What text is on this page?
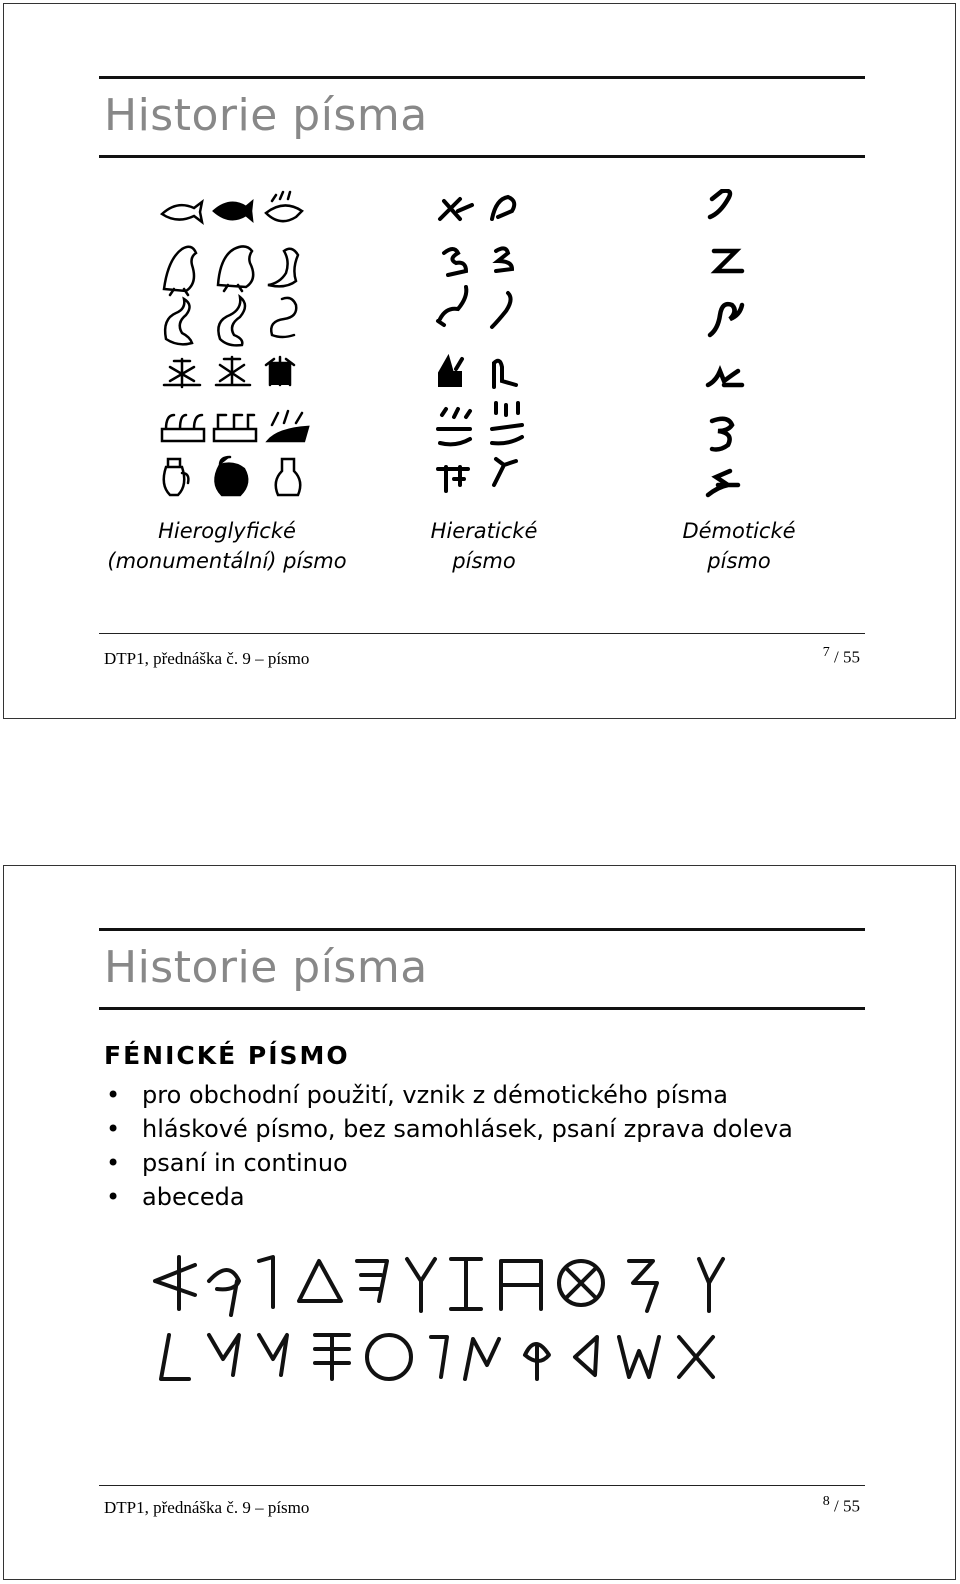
Historie písma
Hieroglyfické
(monumentální) písmo
Hieratické
písmo
Démotické
písmo
DTP1, přednáška č. 9 – písmo	$^7$ / 55
Historie písma
FÉNICKÉ PÍSMO
• pro obchodní použití, vznik z démotického písma
• hláskové písmo, bez samohlásek, psaní zprava doleva
• psaní in continuo
• abeceda
DTP1, přednáška č. 9 – písmo	$^8$ / 55
